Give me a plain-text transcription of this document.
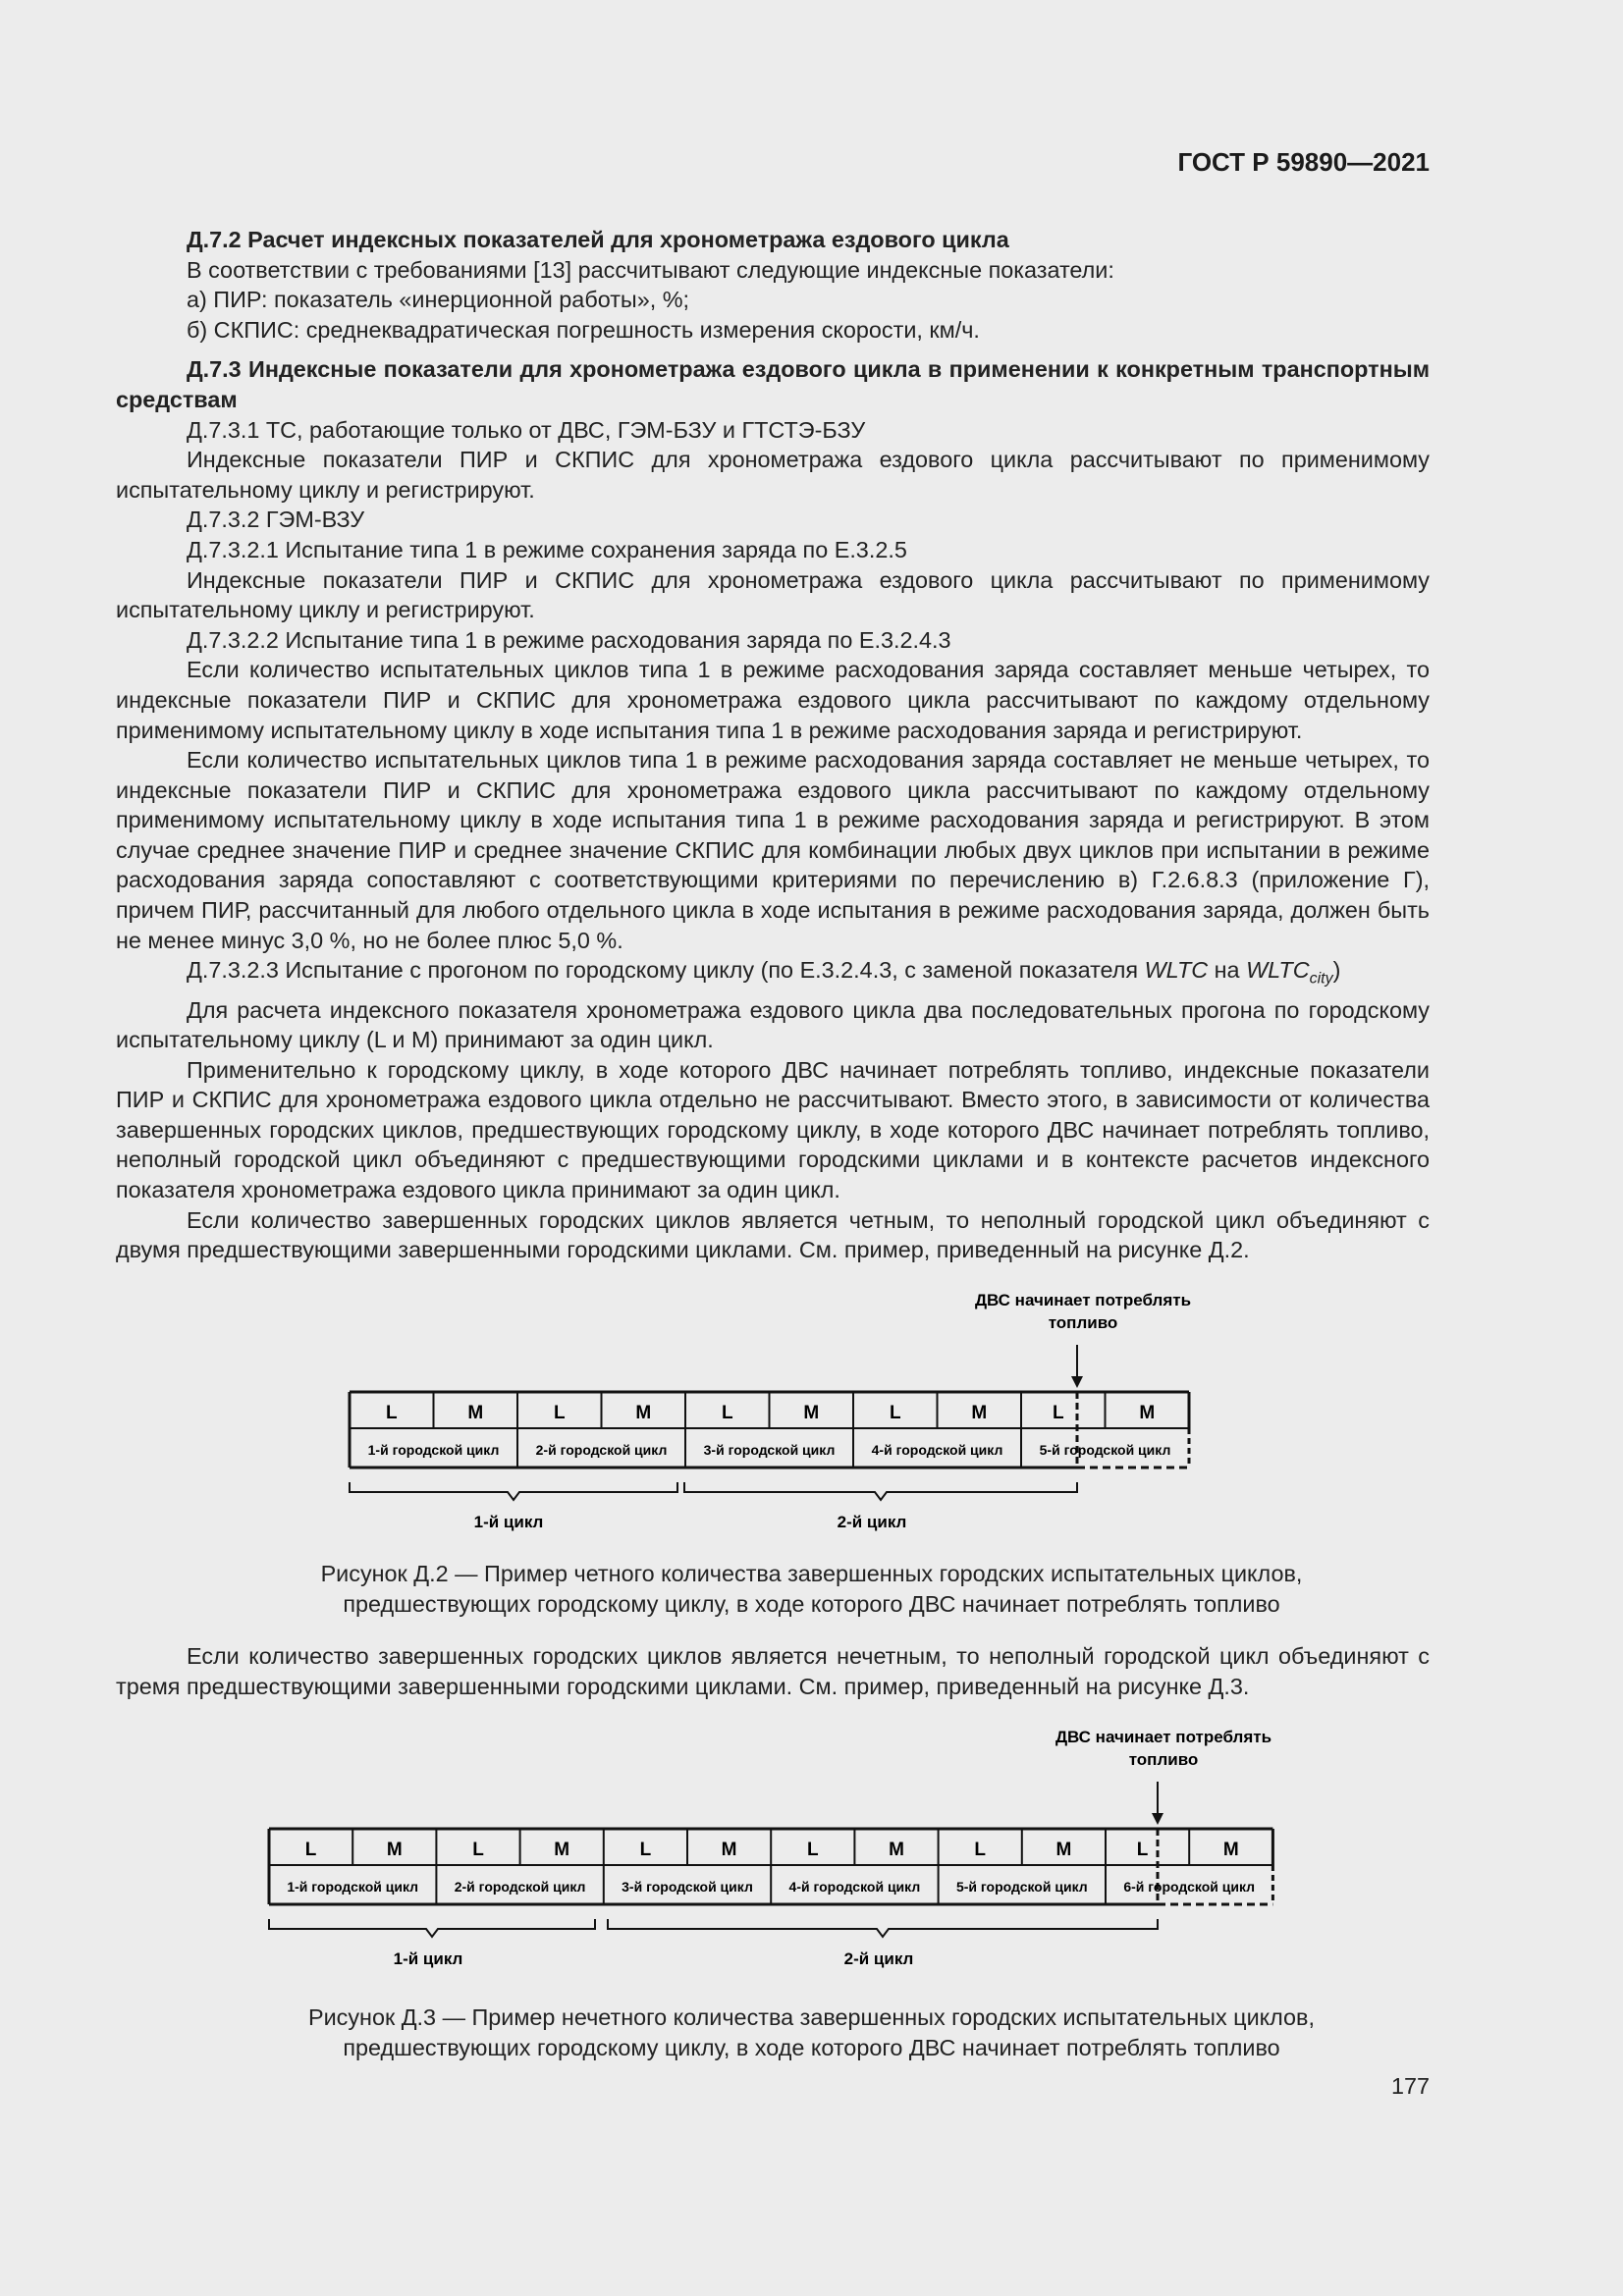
ГОСТ Р 59890—2021

Д.7.2 Расчет индексных показателей для хронометража ездового цикла

В соответствии с требованиями [13] рассчитывают следующие индексные показатели:

а) ПИР: показатель «инерционной работы», %;

б) СКПИС: среднеквадратическая погрешность измерения скорости, км/ч.

Д.7.3 Индексные показатели для хронометража ездового цикла в применении к конкретным транспортным средствам

Д.7.3.1 ТС, работающие только от ДВС, ГЭМ-БЗУ и ГТСТЭ-БЗУ

Индексные показатели ПИР и СКПИС для хронометража ездового цикла рассчитывают по применимому испытательному циклу и регистрируют.

Д.7.3.2 ГЭМ-ВЗУ

Д.7.3.2.1 Испытание типа 1 в режиме сохранения заряда по Е.3.2.5

Индексные показатели ПИР и СКПИС для хронометража ездового цикла рассчитывают по применимому испытательному циклу и регистрируют.

Д.7.3.2.2 Испытание типа 1 в режиме расходования заряда по Е.3.2.4.3

Если количество испытательных циклов типа 1 в режиме расходования заряда составляет меньше четырех, то индексные показатели ПИР и СКПИС для хронометража ездового цикла рассчитывают по каждому отдельному применимому испытательному циклу в ходе испытания типа 1 в режиме расходования заряда и регистрируют.

Если количество испытательных циклов типа 1 в режиме расходования заряда составляет не меньше четырех, то индексные показатели ПИР и СКПИС для хронометража ездового цикла рассчитывают по каждому отдельному применимому испытательному циклу в ходе испытания типа 1 в режиме расходования заряда и регистрируют. В этом случае среднее значение ПИР и среднее значение СКПИС для комбинации любых двух циклов при испытании в режиме расходования заряда сопоставляют с соответствующими критериями по перечислению в) Г.2.6.8.3 (приложение Г), причем ПИР, рассчитанный для любого отдельного цикла в ходе испытания в режиме расходования заряда, должен быть не менее минус 3,0 %, но не более плюс 5,0 %.

Д.7.3.2.3 Испытание с прогоном по городскому циклу (по Е.3.2.4.3, с заменой показателя WLTC на $WLTC_{city}$)

Для расчета индексного показателя хронометража ездового цикла два последовательных прогона по городскому испытательному циклу (L и M) принимают за один цикл.

Применительно к городскому циклу, в ходе которого ДВС начинает потреблять топливо, индексные показатели ПИР и СКПИС для хронометража ездового цикла отдельно не рассчитывают. Вместо этого, в зависимости от количества завершенных городских циклов, предшествующих городскому циклу, в ходе которого ДВС начинает потреблять топливо, неполный городской цикл объединяют с предшествующими городскими циклами и в контексте расчетов индексного показателя хронометража ездового цикла принимают за один цикл.

Если количество завершенных городских циклов является четным, то неполный городской цикл объединяют с двумя предшествующими завершенными городскими циклами. См. пример, приведенный на рисунке Д.2.

ДВС начинает потреблять
топливо
L	M	L	M	L	M	L	M	L	M
1-й городской цикл	2-й городской цикл	3-й городской цикл	4-й городской цикл	5-й городской цикл
1-й цикл	2-й цикл
Рисунок Д.2 — Пример четного количества завершенных городских испытательных циклов,
предшествующих городскому циклу, в ходе которого ДВС начинает потреблять топливо

Если количество завершенных городских циклов является нечетным, то неполный городской цикл объединяют с тремя предшествующими завершенными городскими циклами. См. пример, приведенный на рисунке Д.3.

ДВС начинает потреблять
топливо
L	M	L	M	L	M	L	M	L	M	L	M
1-й городской цикл	2-й городской цикл	3-й городской цикл	4-й городской цикл	5-й городской цикл	6-й городской цикл
1-й цикл	2-й цикл
Рисунок Д.3 — Пример нечетного количества завершенных городских испытательных циклов,
предшествующих городскому циклу, в ходе которого ДВС начинает потреблять топливо
177
